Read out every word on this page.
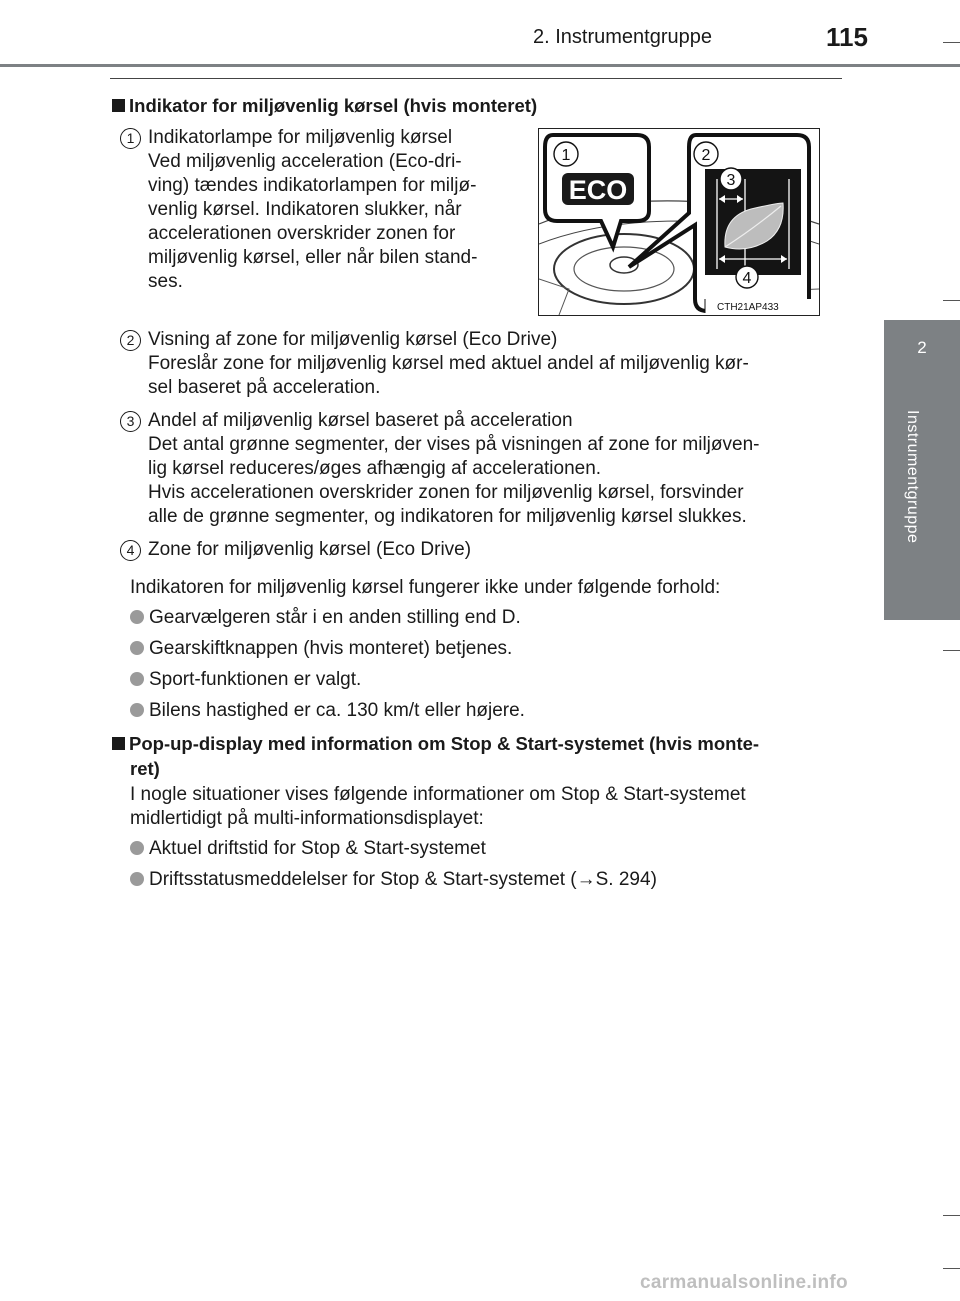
2. Instrumentgruppe	115
2
Instrumentgruppe
Indikator for miljøvenlig kørsel (hvis monteret)
1 Indikatorlampe for miljøvenlig kørsel
Ved miljøvenlig acceleration (Eco-dri-
ving) tændes indikatorlampen for miljø-
venlig kørsel. Indikatoren slukker, når
accelerationen overskrider zonen for
miljøvenlig kørsel, eller når bilen stand-
ses.
1
ECO
2
3
4
CTH21AP433
2 Visning af zone for miljøvenlig kørsel (Eco Drive)
Foreslår zone for miljøvenlig kørsel med aktuel andel af miljøvenlig kør-
sel baseret på acceleration.
3 Andel af miljøvenlig kørsel baseret på acceleration
Det antal grønne segmenter, der vises på visningen af zone for miljøven-
lig kørsel reduceres/øges afhængig af accelerationen.
Hvis accelerationen overskrider zonen for miljøvenlig kørsel, forsvinder
alle de grønne segmenter, og indikatoren for miljøvenlig kørsel slukkes.
4 Zone for miljøvenlig kørsel (Eco Drive)
Indikatoren for miljøvenlig kørsel fungerer ikke under følgende forhold:
Gearvælgeren står i en anden stilling end D.
Gearskiftknappen (hvis monteret) betjenes.
Sport-funktionen er valgt.
Bilens hastighed er ca. 130 km/t eller højere.
Pop-up-display med information om Stop & Start-systemet (hvis monte-
ret)
I nogle situationer vises følgende informationer om Stop & Start-systemet
midlertidigt på multi-informationsdisplayet:
Aktuel driftstid for Stop & Start-systemet
Driftsstatusmeddelelser for Stop & Start-systemet (→S. 294)
carmanualsonline.info
